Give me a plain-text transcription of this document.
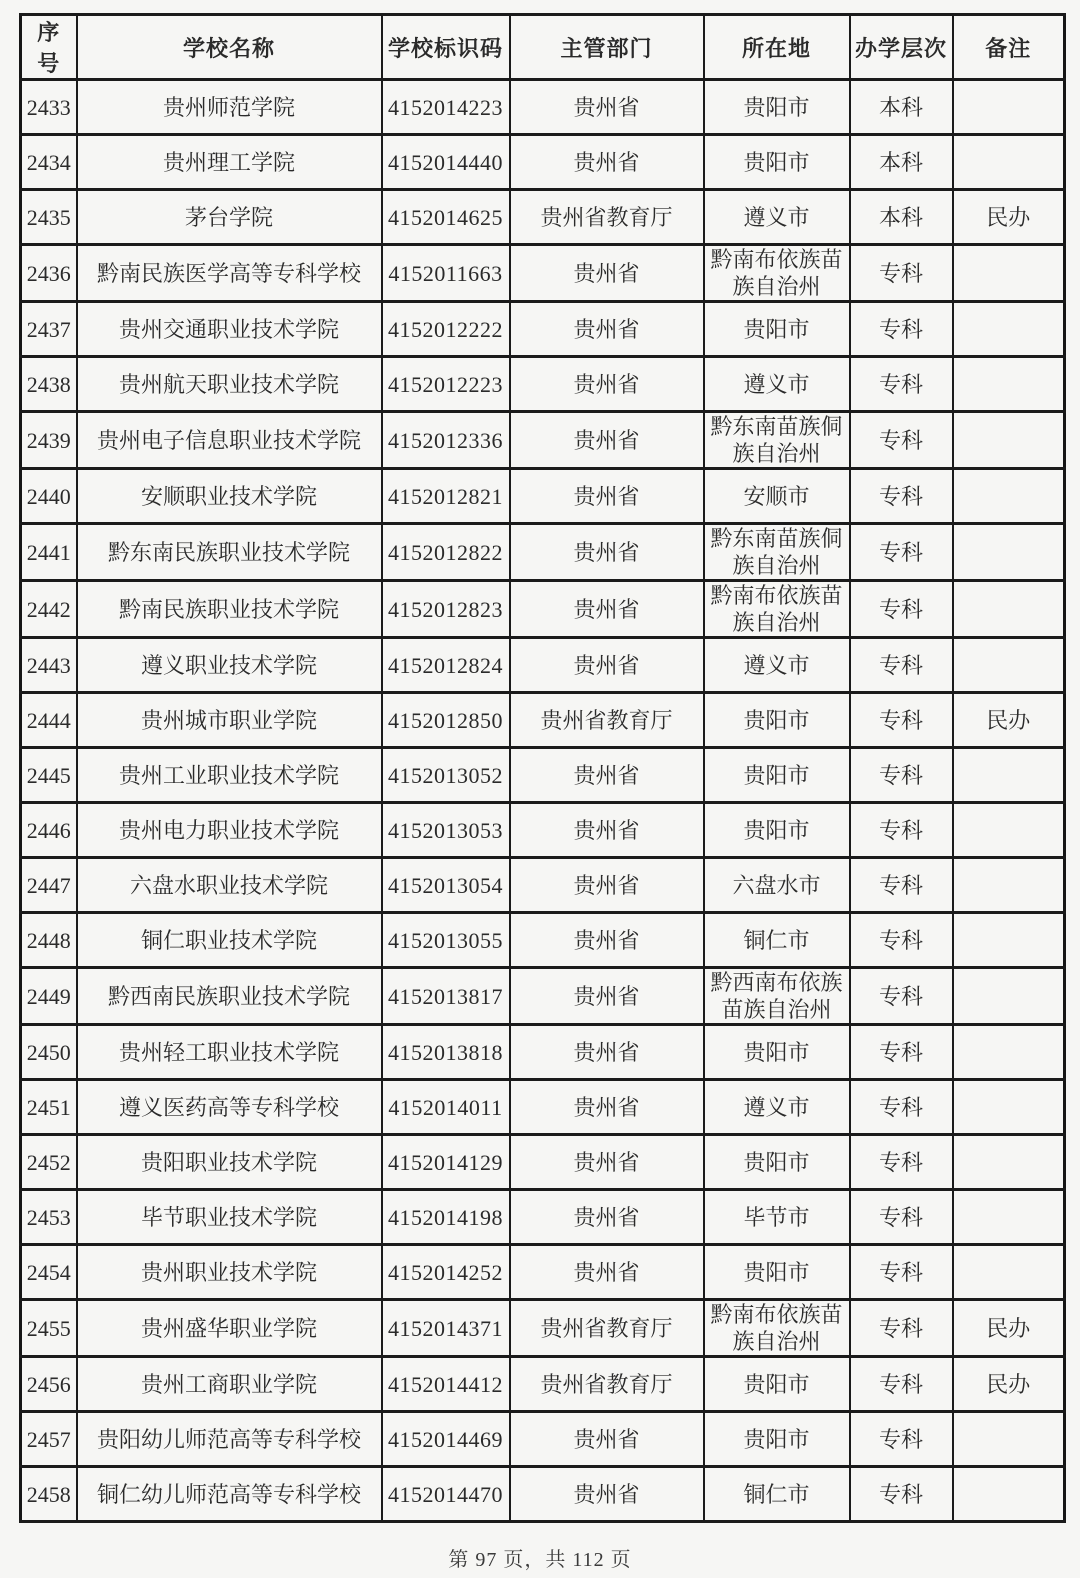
序号	学校名称	学校标识码	主管部门	所在地	办学层次	备注
2433	贵州师范学院	4152014223	贵州省	贵阳市	本科	
2434	贵州理工学院	4152014440	贵州省	贵阳市	本科	
2435	茅台学院	4152014625	贵州省教育厅	遵义市	本科	民办
2436	黔南民族医学高等专科学校	4152011663	贵州省	黔南布依族苗族自治州	专科	
2437	贵州交通职业技术学院	4152012222	贵州省	贵阳市	专科	
2438	贵州航天职业技术学院	4152012223	贵州省	遵义市	专科	
2439	贵州电子信息职业技术学院	4152012336	贵州省	黔东南苗族侗族自治州	专科	
2440	安顺职业技术学院	4152012821	贵州省	安顺市	专科	
2441	黔东南民族职业技术学院	4152012822	贵州省	黔东南苗族侗族自治州	专科	
2442	黔南民族职业技术学院	4152012823	贵州省	黔南布依族苗族自治州	专科	
2443	遵义职业技术学院	4152012824	贵州省	遵义市	专科	
2444	贵州城市职业学院	4152012850	贵州省教育厅	贵阳市	专科	民办
2445	贵州工业职业技术学院	4152013052	贵州省	贵阳市	专科	
2446	贵州电力职业技术学院	4152013053	贵州省	贵阳市	专科	
2447	六盘水职业技术学院	4152013054	贵州省	六盘水市	专科	
2448	铜仁职业技术学院	4152013055	贵州省	铜仁市	专科	
2449	黔西南民族职业技术学院	4152013817	贵州省	黔西南布依族苗族自治州	专科	
2450	贵州轻工职业技术学院	4152013818	贵州省	贵阳市	专科	
2451	遵义医药高等专科学校	4152014011	贵州省	遵义市	专科	
2452	贵阳职业技术学院	4152014129	贵州省	贵阳市	专科	
2453	毕节职业技术学院	4152014198	贵州省	毕节市	专科	
2454	贵州职业技术学院	4152014252	贵州省	贵阳市	专科	
2455	贵州盛华职业学院	4152014371	贵州省教育厅	黔南布依族苗族自治州	专科	民办
2456	贵州工商职业学院	4152014412	贵州省教育厅	贵阳市	专科	民办
2457	贵阳幼儿师范高等专科学校	4152014469	贵州省	贵阳市	专科	
2458	铜仁幼儿师范高等专科学校	4152014470	贵州省	铜仁市	专科	
第 97 页，共 112 页
